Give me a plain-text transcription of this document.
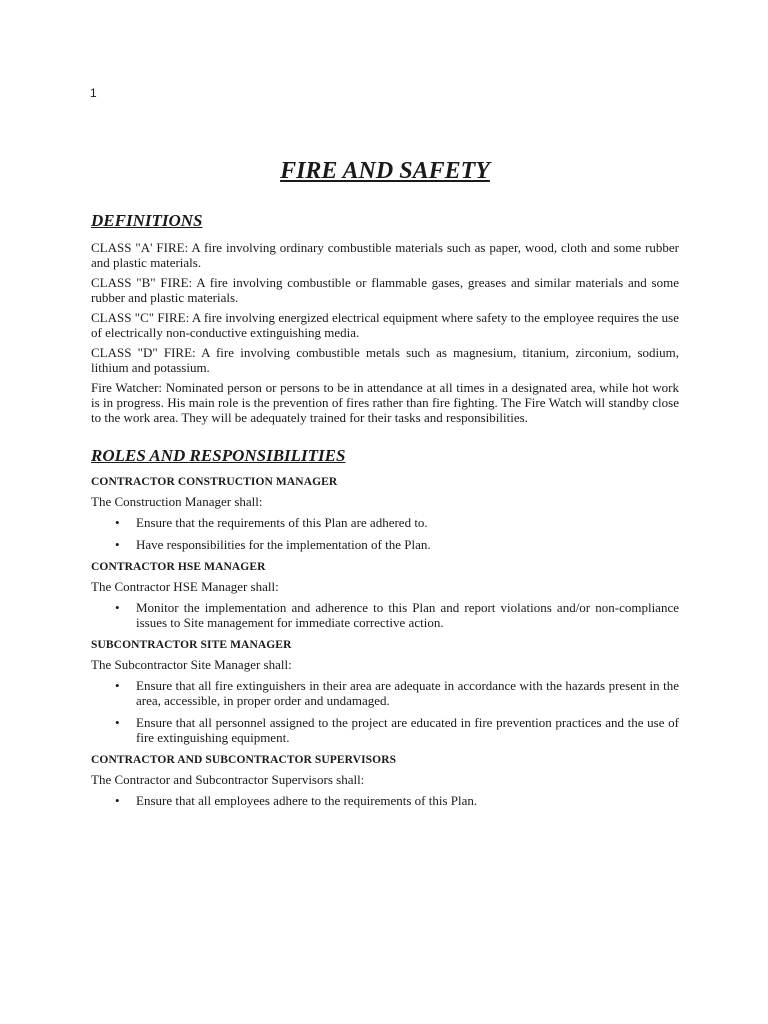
1
FIRE AND SAFETY
DEFINITIONS

CLASS "A' FIRE: A fire involving ordinary combustible materials such as paper, wood, cloth and some rubber and plastic materials.

CLASS "B" FIRE: A fire involving combustible or flammable gases, greases and similar materials and some rubber and plastic materials.

CLASS "C" FIRE: A fire involving energized electrical equipment where safety to the employee requires the use of electrically non-conductive extinguishing media.

CLASS "D" FIRE: A fire involving combustible metals such as magnesium, titanium, zirconium, sodium, lithium and potassium.

Fire Watcher: Nominated person or persons to be in attendance at all times in a designated area, while hot work is in progress. His main role is the prevention of fires rather than fire fighting. The Fire Watch will standby close to the work area. They will be adequately trained for their tasks and responsibilities.

ROLES AND RESPONSIBILITIES
CONTRACTOR CONSTRUCTION MANAGER
The Construction Manager shall:
• Ensure that the requirements of this Plan are adhered to.
• Have responsibilities for the implementation of the Plan.
CONTRACTOR HSE MANAGER
The Contractor HSE Manager shall:
• Monitor the implementation and adherence to this Plan and report violations and/or non-compliance issues to Site management for immediate corrective action.
SUBCONTRACTOR SITE MANAGER
The Subcontractor Site Manager shall:
• Ensure that all fire extinguishers in their area are adequate in accordance with the hazards present in the area, accessible, in proper order and undamaged.
• Ensure that all personnel assigned to the project are educated in fire prevention practices and the use of fire extinguishing equipment.
CONTRACTOR AND SUBCONTRACTOR SUPERVISORS
The Contractor and Subcontractor Supervisors shall:
• Ensure that all employees adhere to the requirements of this Plan.
